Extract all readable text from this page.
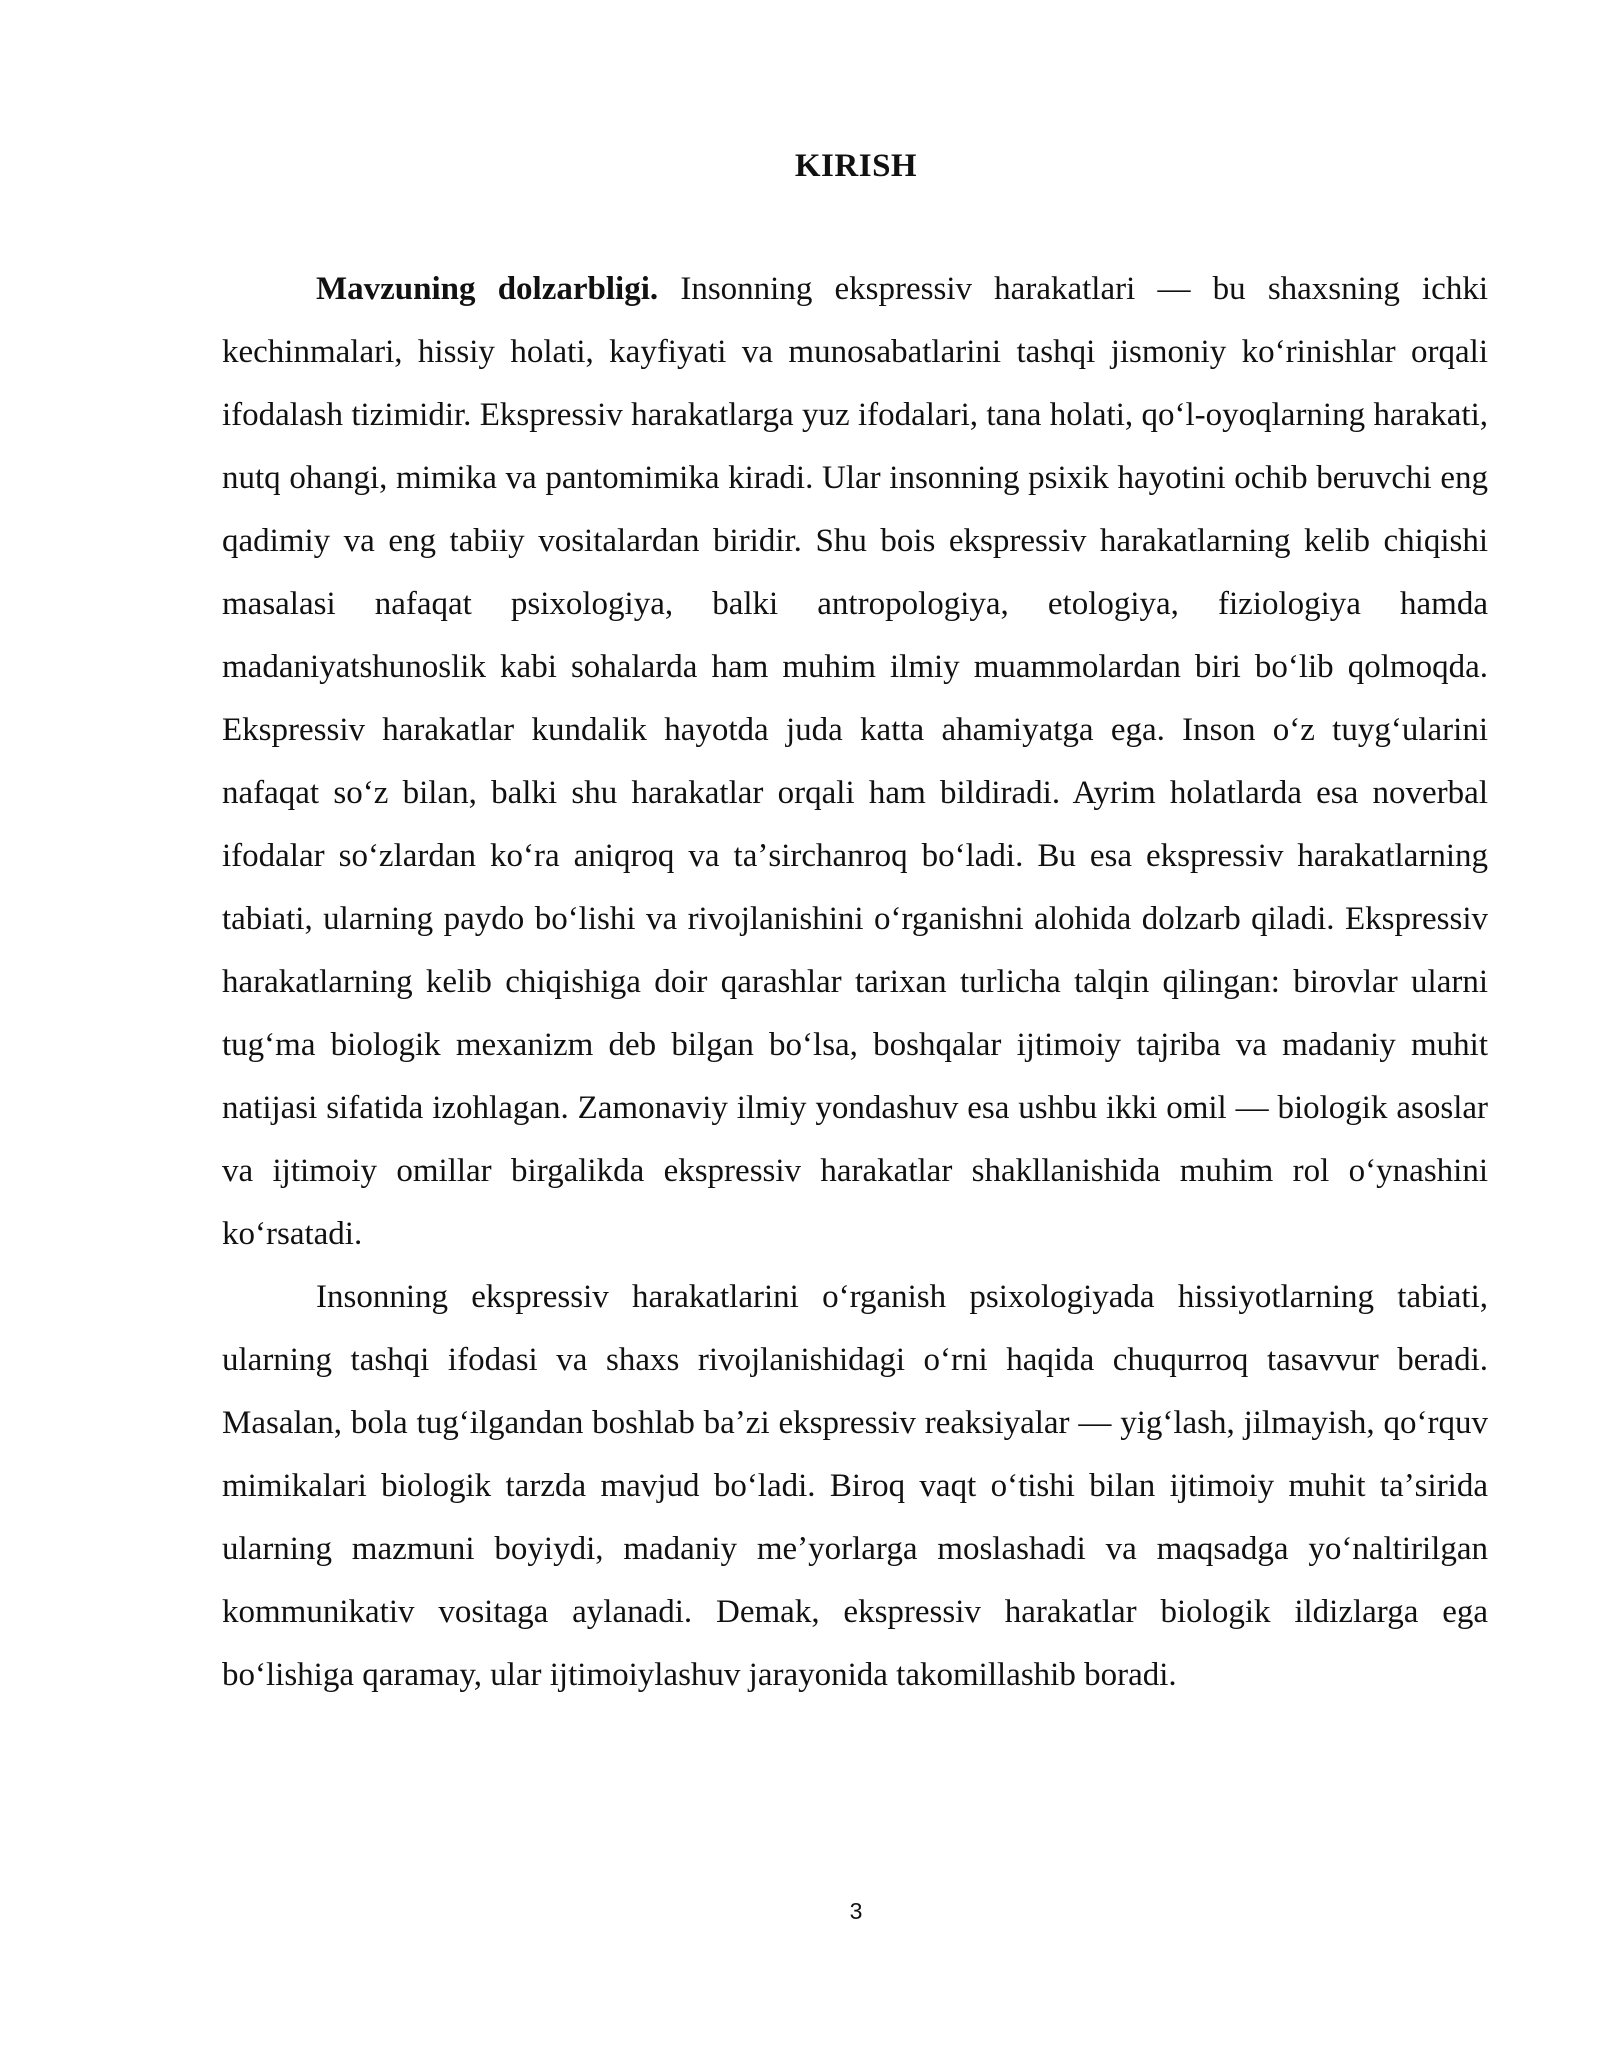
KIRISH

Mavzuning dolzarbligi. Insonning ekspressiv harakatlari — bu shaxsning ichki kechinmalari, hissiy holati, kayfiyati va munosabatlarini tashqi jismoniy koʻrinishlar orqali ifodalash tizimidir. Ekspressiv harakatlarga yuz ifodalari, tana holati, qoʻl-oyoqlarning harakati, nutq ohangi, mimika va pantomimika kiradi. Ular insonning psixik hayotini ochib beruvchi eng qadimiy va eng tabiiy vositalardan biridir. Shu bois ekspressiv harakatlarning kelib chiqishi masalasi nafaqat psixologiya, balki antropologiya, etologiya, fiziologiya hamda madaniyatshunoslik kabi sohalarda ham muhim ilmiy muammolardan biri boʻlib qolmoqda. Ekspressiv harakatlar kundalik hayotda juda katta ahamiyatga ega. Inson oʻz tuygʻularini nafaqat soʻz bilan, balki shu harakatlar orqali ham bildiradi. Ayrim holatlarda esa noverbal ifodalar soʻzlardan koʻra aniqroq va taʼsirchanroq boʻladi. Bu esa ekspressiv harakatlarning tabiati, ularning paydo boʻlishi va rivojlanishini oʻrganishni alohida dolzarb qiladi. Ekspressiv harakatlarning kelib chiqishiga doir qarashlar tarixan turlicha talqin qilingan: birovlar ularni tugʻma biologik mexanizm deb bilgan boʻlsa, boshqalar ijtimoiy tajriba va madaniy muhit natijasi sifatida izohlagan. Zamonaviy ilmiy yondashuv esa ushbu ikki omil — biologik asoslar va ijtimoiy omillar birgalikda ekspressiv harakatlar shakllanishida muhim rol oʻynashini koʻrsatadi.

Insonning ekspressiv harakatlarini oʻrganish psixologiyada hissiyotlarning tabiati, ularning tashqi ifodasi va shaxs rivojlanishidagi oʻrni haqida chuqurroq tasavvur beradi. Masalan, bola tugʻilgandan boshlab baʼzi ekspressiv reaksiyalar — yigʻlash, jilmayish, qoʻrquv mimikalari biologik tarzda mavjud boʻladi. Biroq vaqt oʻtishi bilan ijtimoiy muhit taʼsirida ularning mazmuni boyiydi, madaniy meʼyorlarga moslashadi va maqsadga yoʻnaltirilgan kommunikativ vositaga aylanadi. Demak, ekspressiv harakatlar biologik ildizlarga ega boʻlishiga qaramay, ular ijtimoiylashuv jarayonida takomillashib boradi.

3
